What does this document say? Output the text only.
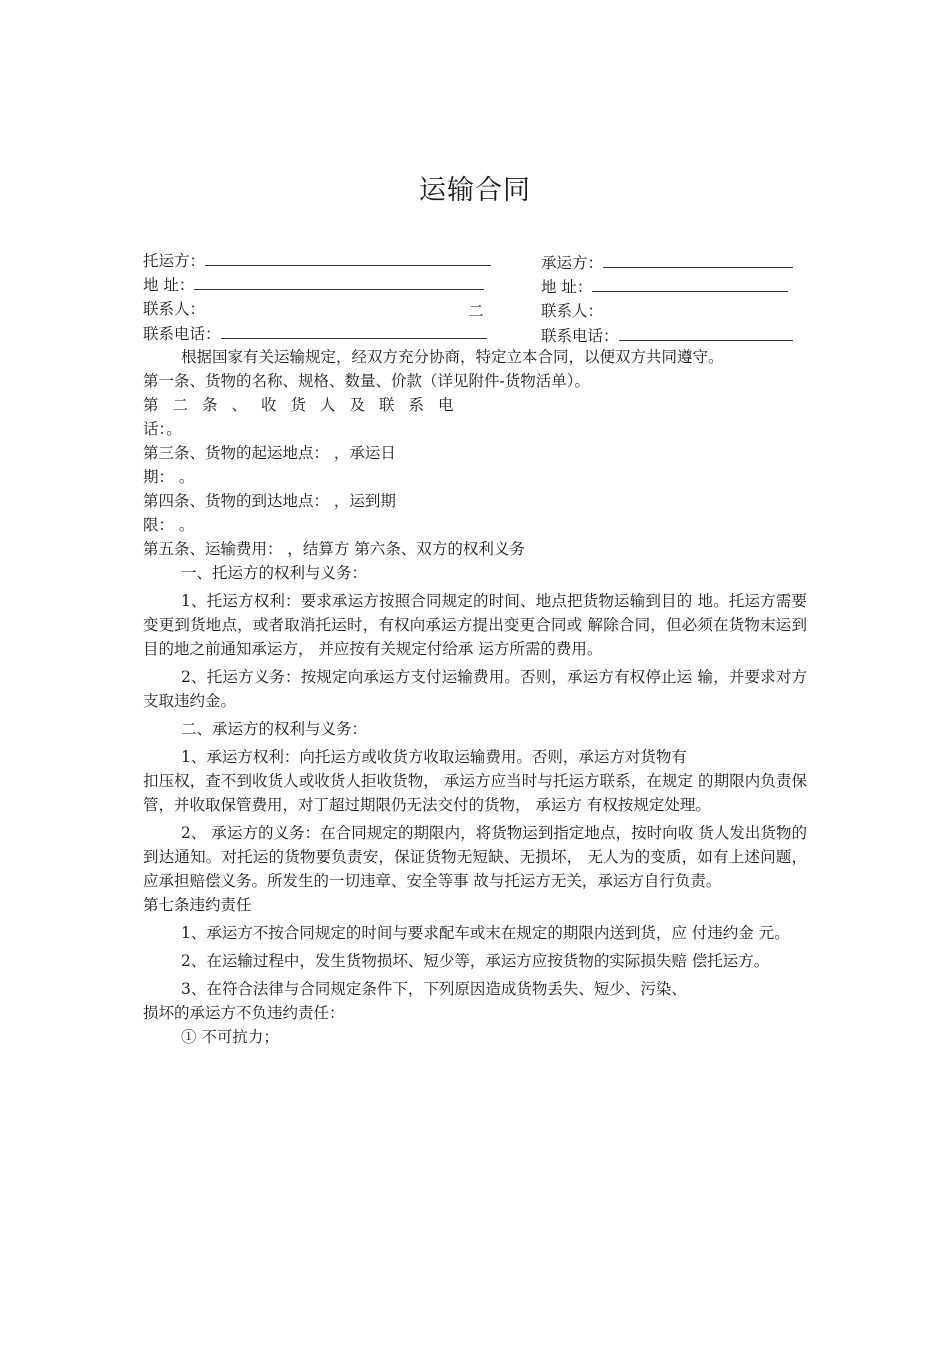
运输合同
托运方：	承运方：
地 址：	地 址：
联系人：	二	联系人：
联系电话：	联系电话：

根据国家有关运输规定，经双方充分协商，特定立本合同，以便双方共同遵守。

第一条、货物的名称、规格、数量、价款（详见附件-货物活单）。

第二条、收货人及联系电

话：。

第三条、货物的起运地点： ，承运日

期： 。

第四条、货物的到达地点： ，运到期

限： 。

第五条、运输费用： ，结算方 第六条、双方的权利义务

一、托运方的权利与义务：

1、托运方权利：要求承运方按照合同规定的时间、地点把货物运输到目的 地。托运方需要变更到货地点，或者取消托运时，有权向承运方提出变更合同或 解除合同，但必须在货物末运到目的地之前通知承运方， 并应按有关规定付给承 运方所需的费用。

2、托运方义务：按规定向承运方支付运输费用。否则，承运方有权停止运 输，并要求对方支取违约金。

二、承运方的权利与义务：

1、承运方权利：向托运方或收货方收取运输费用。否则，承运方对货物有

扣压权，查不到收货人或收货人拒收货物， 承运方应当时与托运方联系，在规定 的期限内负责保管，并收取保管费用，对丁超过期限仍无法交付的货物， 承运方 有权按规定处理。

2、 承运方的义务：在合同规定的期限内，将货物运到指定地点，按时向收 货人发出货物的到达通知。对托运的货物要负责安，保证货物无短缺、无损坏， 无人为的变质，如有上述问题，应承担赔偿义务。所发生的一切违章、安全等事 故与托运方无关，承运方自行负责。

第七条违约责任

1、承运方不按合同规定的时间与要求配车或末在规定的期限内送到货，应 付违约金 元。

2、在运输过程中，发生货物损坏、短少等，承运方应按货物的实际损失赔 偿托运方。

3、在符合法律与合同规定条件下，下列原因造成货物丢失、短少、污染、

损坏的承运方不负违约责任：

① 不可抗力；
